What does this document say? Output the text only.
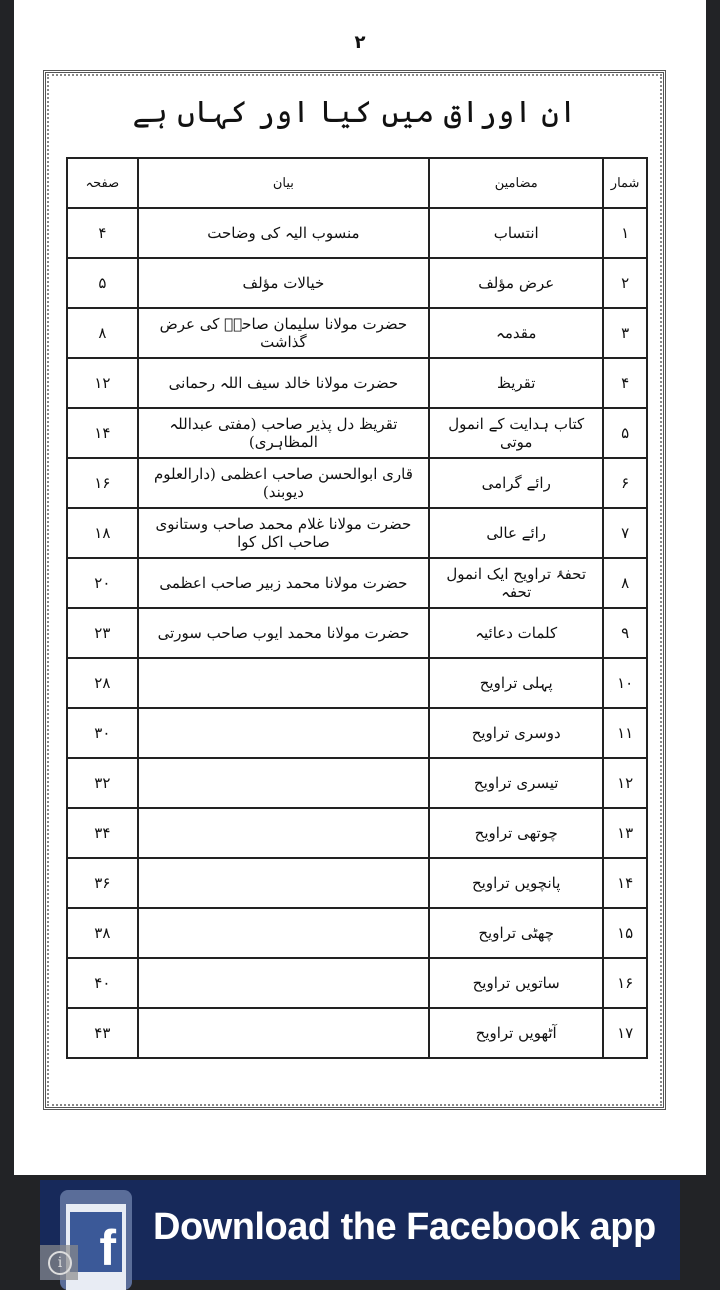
۲
ان اوراق میں کیا اور کہاں ہے
شمار	مضامین	بیان	صفحہ
۱	انتساب	منسوب الیہ کی وضاحت	۴
۲	عرض مؤلف	خیالات مؤلف	۵
۳	مقدمہ	حضرت مولانا سلیمان صاحبؒ کی عرض گذاشت	۸
۴	تقریظ	حضرت مولانا خالد سیف اللہ رحمانی	۱۲
۵	کتاب ہدایت کے انمول موتی	تقریظ دل پذیر صاحب (مفتی عبداللہ المظاہری)	۱۴
۶	رائے گرامی	قاری ابوالحسن صاحب اعظمی (دارالعلوم دیوبند)	۱۶
۷	رائے عالی	حضرت مولانا غلام محمد صاحب وستانوی صاحب اکل کوا	۱۸
۸	تحفۂ تراویح ایک انمول تحفہ	حضرت مولانا محمد زبیر صاحب اعظمی	۲۰
۹	کلمات دعائیہ	حضرت مولانا محمد ایوب صاحب سورتی	۲۳
۱۰	پہلی تراویح		۲۸
۱۱	دوسری تراویح		۳۰
۱۲	تیسری تراویح		۳۲
۱۳	چوتھی تراویح		۳۴
۱۴	پانچویں تراویح		۳۶
۱۵	چھٹی تراویح		۳۸
۱۶	ساتویں تراویح		۴۰
۱۷	آٹھویں تراویح		۴۳
f Download the Facebook app
i
